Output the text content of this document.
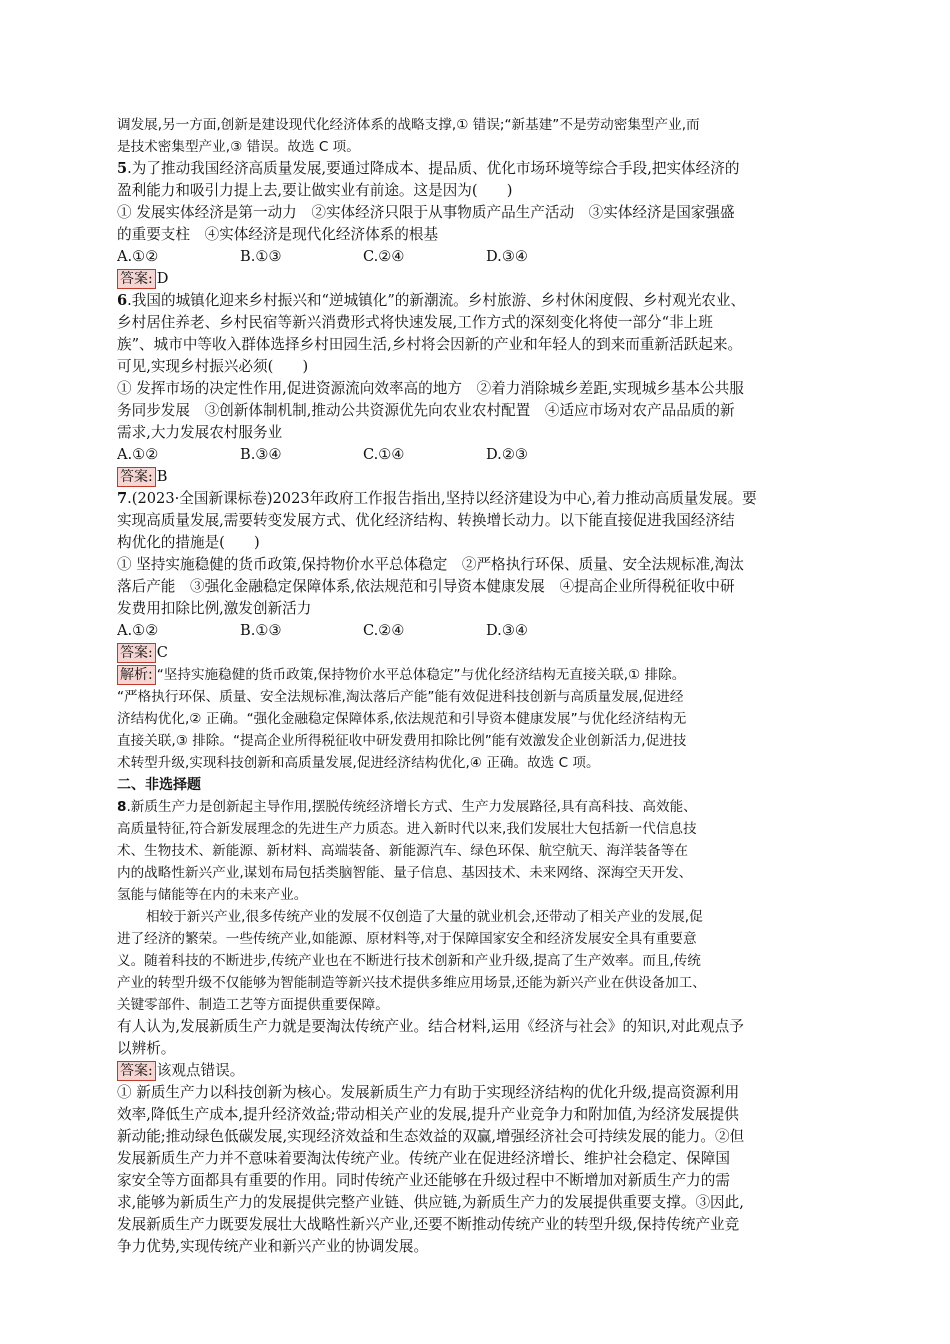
调发展,另一方面,创新是建设现代化经济体系的战略支撑,① 错误;“新基建”不是劳动密集型产业,而
是技术密集型产业,③ 错误。故选 C 项。
5.为了推动我国经济高质量发展,要通过降成本、提品质、优化市场环境等综合手段,把实体经济的
盈利能力和吸引力提上去,要让做实业有前途。这是因为(　　)
① 发展实体经济是第一动力　②实体经济只限于从事物质产品生产活动　③实体经济是国家强盛
的重要支柱　④实体经济是现代化经济体系的根基
A.①②	B.①③	C.②④	D.③④
答案: D
6.我国的城镇化迎来乡村振兴和“逆城镇化”的新潮流。乡村旅游、乡村休闲度假、乡村观光农业、
乡村居住养老、乡村民宿等新兴消费形式将快速发展,工作方式的深刻变化将使一部分“非上班
族”、城市中等收入群体选择乡村田园生活,乡村将会因新的产业和年轻人的到来而重新活跃起来。
可见,实现乡村振兴必须(　　)
① 发挥市场的决定性作用,促进资源流向效率高的地方　②着力消除城乡差距,实现城乡基本公共服
务同步发展　③创新体制机制,推动公共资源优先向农业农村配置　④适应市场对农产品品质的新
需求,大力发展农村服务业
A.①②	B.③④	C.①④	D.②③
答案: B
7.(2023·全国新课标卷)2023年政府工作报告指出,坚持以经济建设为中心,着力推动高质量发展。要
实现高质量发展,需要转变发展方式、优化经济结构、转换增长动力。以下能直接促进我国经济结
构优化的措施是(　　)
① 坚持实施稳健的货币政策,保持物价水平总体稳定　②严格执行环保、质量、安全法规标准,淘汰
落后产能　③强化金融稳定保障体系,依法规范和引导资本健康发展　④提高企业所得税征收中研
发费用扣除比例,激发创新活力
A.①②	B.①③	C.②④	D.③④
答案: C
解析: “坚持实施稳健的货币政策,保持物价水平总体稳定”与优化经济结构无直接关联,① 排除。
“严格执行环保、质量、安全法规标准,淘汰落后产能”能有效促进科技创新与高质量发展,促进经
济结构优化,② 正确。“强化金融稳定保障体系,依法规范和引导资本健康发展”与优化经济结构无
直接关联,③ 排除。“提高企业所得税征收中研发费用扣除比例”能有效激发企业创新活力,促进技
术转型升级,实现科技创新和高质量发展,促进经济结构优化,④ 正确。故选 C 项。
二、非选择题
8.新质生产力是创新起主导作用,摆脱传统经济增长方式、生产力发展路径,具有高科技、高效能、
高质量特征,符合新发展理念的先进生产力质态。进入新时代以来,我们发展壮大包括新一代信息技
术、生物技术、新能源、新材料、高端装备、新能源汽车、绿色环保、航空航天、海洋装备等在
内的战略性新兴产业,谋划布局包括类脑智能、量子信息、基因技术、未来网络、深海空天开发、
氢能与储能等在内的未来产业。
相较于新兴产业,很多传统产业的发展不仅创造了大量的就业机会,还带动了相关产业的发展,促
进了经济的繁荣。一些传统产业,如能源、原材料等,对于保障国家安全和经济发展安全具有重要意
义。随着科技的不断进步,传统产业也在不断进行技术创新和产业升级,提高了生产效率。而且,传统
产业的转型升级不仅能够为智能制造等新兴技术提供多维应用场景,还能为新兴产业在供设备加工、
关键零部件、制造工艺等方面提供重要保障。
有人认为,发展新质生产力就是要淘汰传统产业。结合材料,运用《经济与社会》的知识,对此观点予
以辨析。
答案: 该观点错误。
① 新质生产力以科技创新为核心。发展新质生产力有助于实现经济结构的优化升级,提高资源利用
效率,降低生产成本,提升经济效益;带动相关产业的发展,提升产业竞争力和附加值,为经济发展提供
新动能;推动绿色低碳发展,实现经济效益和生态效益的双赢,增强经济社会可持续发展的能力。②但
发展新质生产力并不意味着要淘汰传统产业。传统产业在促进经济增长、维护社会稳定、保障国
家安全等方面都具有重要的作用。同时传统产业还能够在升级过程中不断增加对新质生产力的需
求,能够为新质生产力的发展提供完整产业链、供应链,为新质生产力的发展提供重要支撑。③因此,
发展新质生产力既要发展壮大战略性新兴产业,还要不断推动传统产业的转型升级,保持传统产业竞
争力优势,实现传统产业和新兴产业的协调发展。
